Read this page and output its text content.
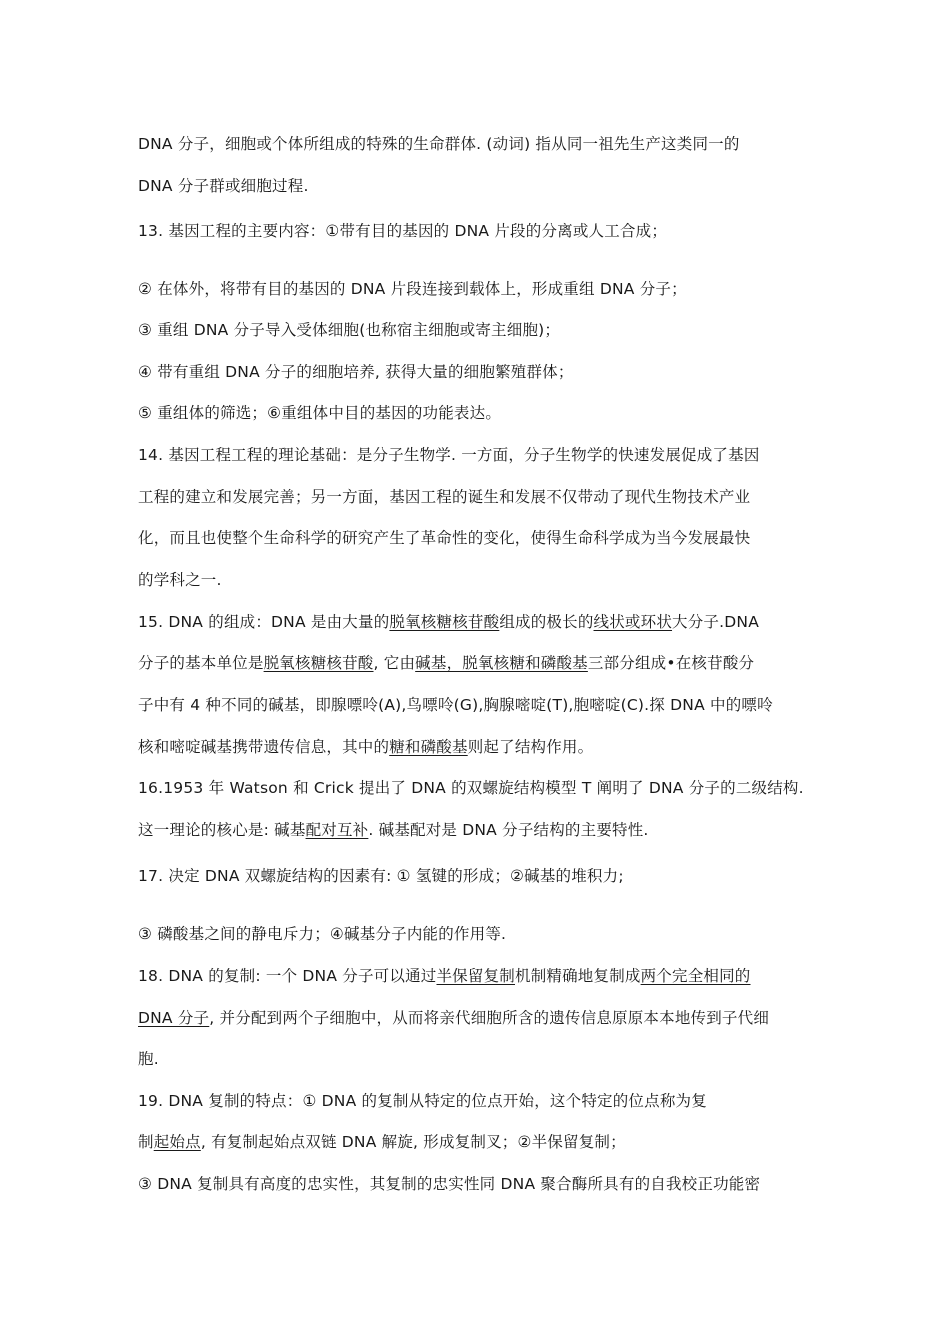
DNA 分子，细胞或个体所组成的特殊的生命群体. (动词) 指从同一祖先生产这类同一的
DNA 分子群或细胞过程.
13. 基因工程的主要内容：①带有目的基因的 DNA 片段的分离或人工合成；
② 在体外，将带有目的基因的 DNA 片段连接到载体上，形成重组 DNA 分子；
③ 重组 DNA 分子导入受体细胞(也称宿主细胞或寄主细胞)；
④ 带有重组 DNA 分子的细胞培养, 获得大量的细胞繁殖群体；
⑤ 重组体的筛选；⑥重组体中目的基因的功能表达。
14. 基因工程工程的理论基础：是分子生物学. 一方面，分子生物学的快速发展促成了基因
工程的建立和发展完善；另一方面，基因工程的诞生和发展不仅带动了现代生物技术产业
化，而且也使整个生命科学的研究产生了革命性的变化，使得生命科学成为当今发展最快
的学科之一.
15. DNA 的组成：DNA 是由大量的脱氧核糖核苷酸组成的极长的线状或环状大分子.DNA
分子的基本单位是脱氧核糖核苷酸, 它由碱基，脱氧核糖和磷酸基三部分组成•在核苷酸分
子中有 4 种不同的碱基，即腺嘌呤(A),鸟嘌呤(G),胸腺嘧啶(T),胞嘧啶(C).探 DNA 中的嘌呤
核和嘧啶碱基携带遗传信息，其中的糖和磷酸基则起了结构作用。
16.1953 年 Watson 和 Crick 提出了 DNA 的双螺旋结构模型 T 阐明了 DNA 分子的二级结构.
这一理论的核心是: 碱基配对互补. 碱基配对是 DNA 分子结构的主要特性.
17. 决定 DNA 双螺旋结构的因素有: ① 氢键的形成；②碱基的堆积力;
③ 磷酸基之间的静电斥力；④碱基分子内能的作用等.
18. DNA 的复制: 一个 DNA 分子可以通过半保留复制机制精确地复制成两个完全相同的
DNA 分子, 并分配到两个子细胞中，从而将亲代细胞所含的遗传信息原原本本地传到子代细
胞.
19. DNA 复制的特点：① DNA 的复制从特定的位点开始，这个特定的位点称为复
制起始点, 有复制起始点双链 DNA 解旋, 形成复制叉；②半保留复制；
③ DNA 复制具有高度的忠实性，其复制的忠实性同 DNA 聚合酶所具有的自我校正功能密
